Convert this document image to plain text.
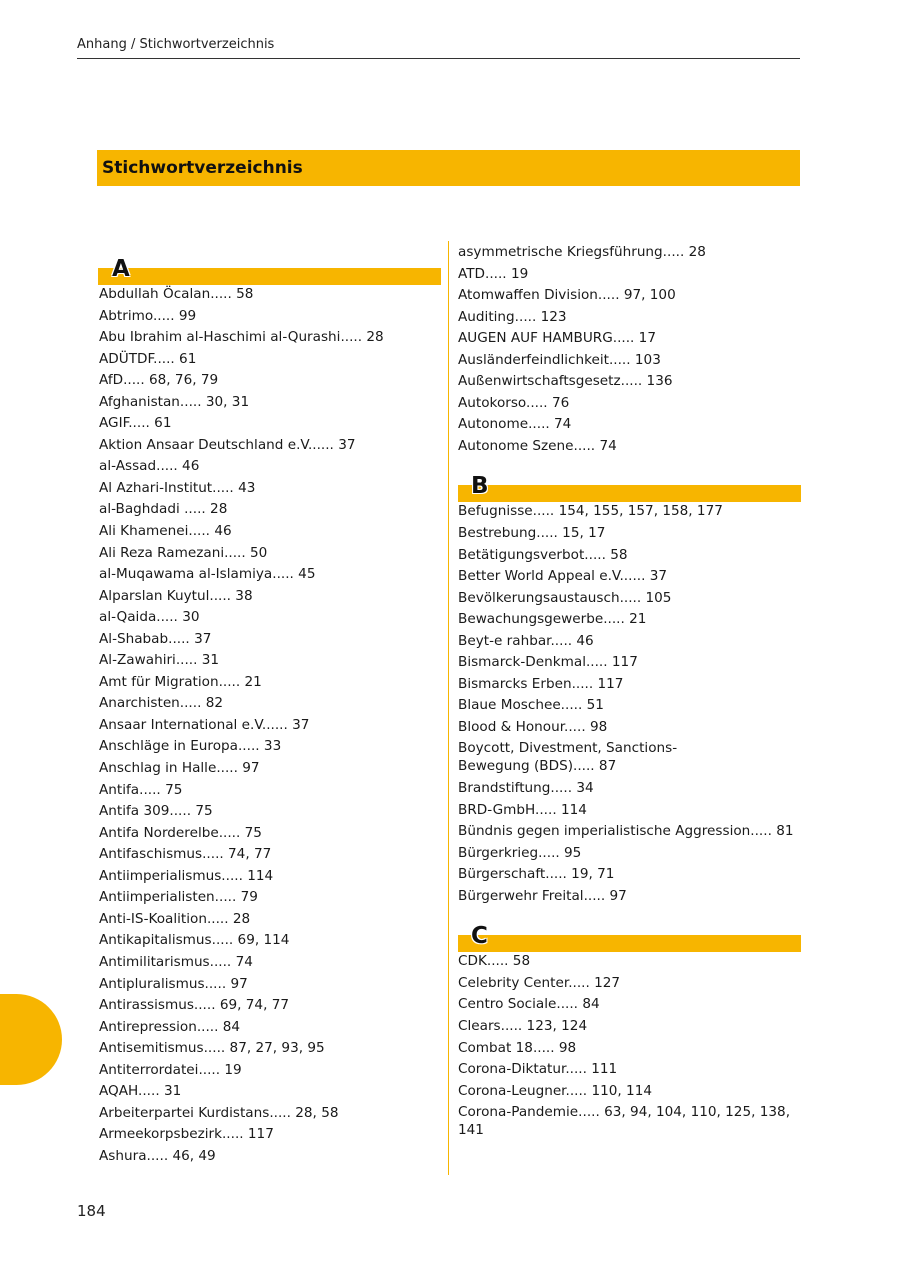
Anhang / Stichwortverzeichnis
Stichwortverzeichnis
A
Abdullah Öcalan..... 58
Abtrimo..... 99
Abu Ibrahim al-Haschimi al-Qurashi..... 28
ADÜTDF..... 61
AfD..... 68, 76, 79
Afghanistan..... 30, 31
AGIF..... 61
Aktion Ansaar Deutschland e.V...... 37
al-Assad..... 46
Al Azhari-Institut..... 43
al-Baghdadi ..... 28
Ali Khamenei..... 46
Ali Reza Ramezani..... 50
al-Muqawama al-Islamiya..... 45
Alparslan Kuytul..... 38
al-Qaida..... 30
Al-Shabab..... 37
Al-Zawahiri..... 31
Amt für Migration..... 21
Anarchisten..... 82
Ansaar International e.V...... 37
Anschläge in Europa..... 33
Anschlag in Halle..... 97
Antifa..... 75
Antifa 309..... 75
Antifa Norderelbe..... 75
Antifaschismus..... 74, 77
Antiimperialismus..... 114
Antiimperialisten..... 79
Anti-IS-Koalition..... 28
Antikapitalismus..... 69, 114
Antimilitarismus..... 74
Antipluralismus..... 97
Antirassismus..... 69, 74, 77
Antirepression..... 84
Antisemitismus..... 87, 27, 93, 95
Antiterrordatei..... 19
AQAH..... 31
Arbeiterpartei Kurdistans..... 28, 58
Armeekorpsbezirk..... 117
Ashura..... 46, 49
asymmetrische Kriegsführung..... 28
ATD..... 19
Atomwaffen Division..... 97, 100
Auditing..... 123
AUGEN AUF HAMBURG..... 17
Ausländerfeindlichkeit..... 103
Außenwirtschaftsgesetz..... 136
Autokorso..... 76
Autonome..... 74
Autonome Szene..... 74
B
Befugnisse..... 154, 155, 157, 158, 177
Bestrebung..... 15, 17
Betätigungsverbot..... 58
Better World Appeal e.V...... 37
Bevölkerungsaustausch..... 105
Bewachungsgewerbe..... 21
Beyt-e rahbar..... 46
Bismarck-Denkmal..... 117
Bismarcks Erben..... 117
Blaue Moschee..... 51
Blood & Honour..... 98
Boycott, Divestment, Sanctions-
Bewegung (BDS)..... 87
Brandstiftung..... 34
BRD-GmbH..... 114
Bündnis gegen imperialistische Aggression..... 81
Bürgerkrieg..... 95
Bürgerschaft..... 19, 71
Bürgerwehr Freital..... 97
C
CDK..... 58
Celebrity Center..... 127
Centro Sociale..... 84
Clears..... 123, 124
Combat 18..... 98
Corona-Diktatur..... 111
Corona-Leugner..... 110, 114
Corona-Pandemie..... 63, 94, 104, 110, 125, 138,
141
184
